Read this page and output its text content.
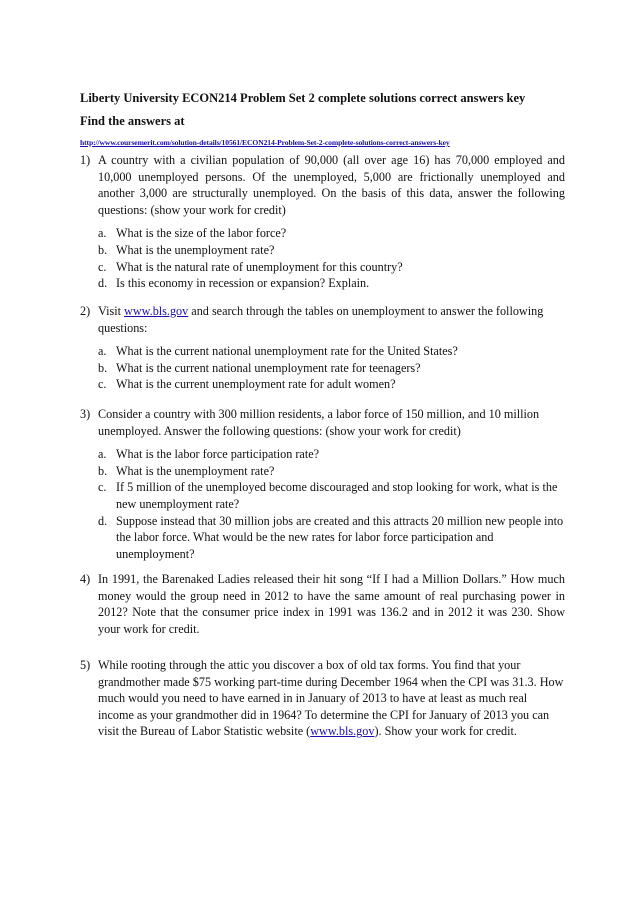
Liberty University ECON214 Problem Set 2 complete solutions correct answers key
Find the answers at
http://www.coursemerit.com/solution-details/10561/ECON214-Problem-Set-2-complete-solutions-correct-answers-key
1) A country with a civilian population of 90,000 (all over age 16) has 70,000 employed and 10,000 unemployed persons. Of the unemployed, 5,000 are frictionally unemployed and another 3,000 are structurally unemployed. On the basis of this data, answer the following questions: (show your work for credit)
a. What is the size of the labor force?
b. What is the unemployment rate?
c. What is the natural rate of unemployment for this country?
d. Is this economy in recession or expansion? Explain.
2) Visit www.bls.gov and search through the tables on unemployment to answer the following questions:
a. What is the current national unemployment rate for the United States?
b. What is the current national unemployment rate for teenagers?
c. What is the current unemployment rate for adult women?
3) Consider a country with 300 million residents, a labor force of 150 million, and 10 million unemployed. Answer the following questions: (show your work for credit)
a. What is the labor force participation rate?
b. What is the unemployment rate?
c. If 5 million of the unemployed become discouraged and stop looking for work, what is the new unemployment rate?
d. Suppose instead that 30 million jobs are created and this attracts 20 million new people into the labor force. What would be the new rates for labor force participation and unemployment?
4) In 1991, the Barenaked Ladies released their hit song “If I had a Million Dollars.” How much money would the group need in 2012 to have the same amount of real purchasing power in 2012? Note that the consumer price index in 1991 was 136.2 and in 2012 it was 230. Show your work for credit.
5) While rooting through the attic you discover a box of old tax forms. You find that your grandmother made $75 working part-time during December 1964 when the CPI was 31.3. How much would you need to have earned in in January of 2013 to have at least as much real income as your grandmother did in 1964? To determine the CPI for January of 2013 you can visit the Bureau of Labor Statistic website (www.bls.gov). Show your work for credit.
